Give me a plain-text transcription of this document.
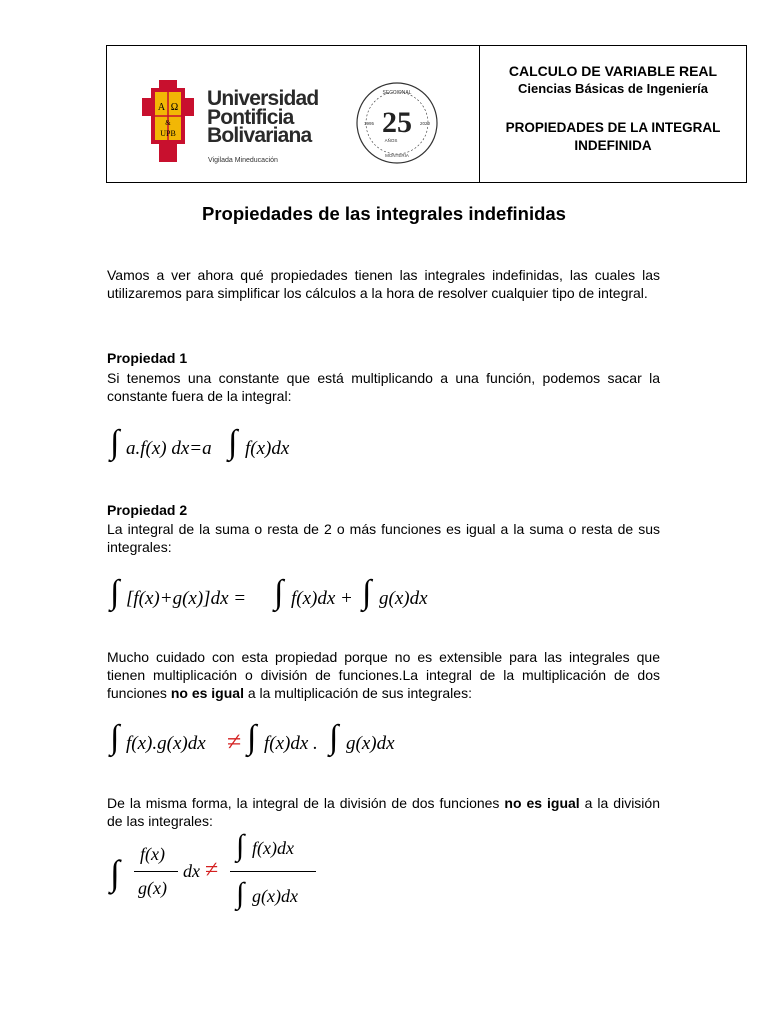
A Ω
&
UPB
Universidad
Pontificia
Bolivariana
Vigilada Mineducación
SECCIONAL
1995	2020
25
AÑOS
MONTERÍA
CALCULO DE VARIABLE REAL
Ciencias Básicas de Ingeniería
PROPIEDADES DE LA INTEGRAL INDEFINIDA
Propiedades de las integrales indefinidas
Vamos a ver ahora qué propiedades tienen las integrales indefinidas, las cuales las utilizaremos para simplificar los cálculos a la hora de resolver cualquier tipo de integral.
Propiedad 1
Si tenemos una constante que está multiplicando a una función, podemos sacar la constante fuera de la integral:
∫ a.f(x) dx=a ∫ f(x)dx
Propiedad 2
La integral de la suma o resta de 2 o más funciones es igual a la suma o resta de sus integrales:
∫ [f(x)+g(x)]dx = ∫ f(x)dx + ∫ g(x)dx
Mucho cuidado con esta propiedad porque no es extensible para las integrales que tienen multiplicación o división de funciones.La integral de la multiplicación de dos funciones no es igual a la multiplicación de sus integrales:
∫ f(x).g(x)dx ≠ ∫ f(x)dx . ∫ g(x)dx
De la misma forma, la integral de la división de dos funciones no es igual a la división de las integrales:
∫ f(x)
g(x)
dx ≠
∫ f(x)dx
∫ g(x)dx
